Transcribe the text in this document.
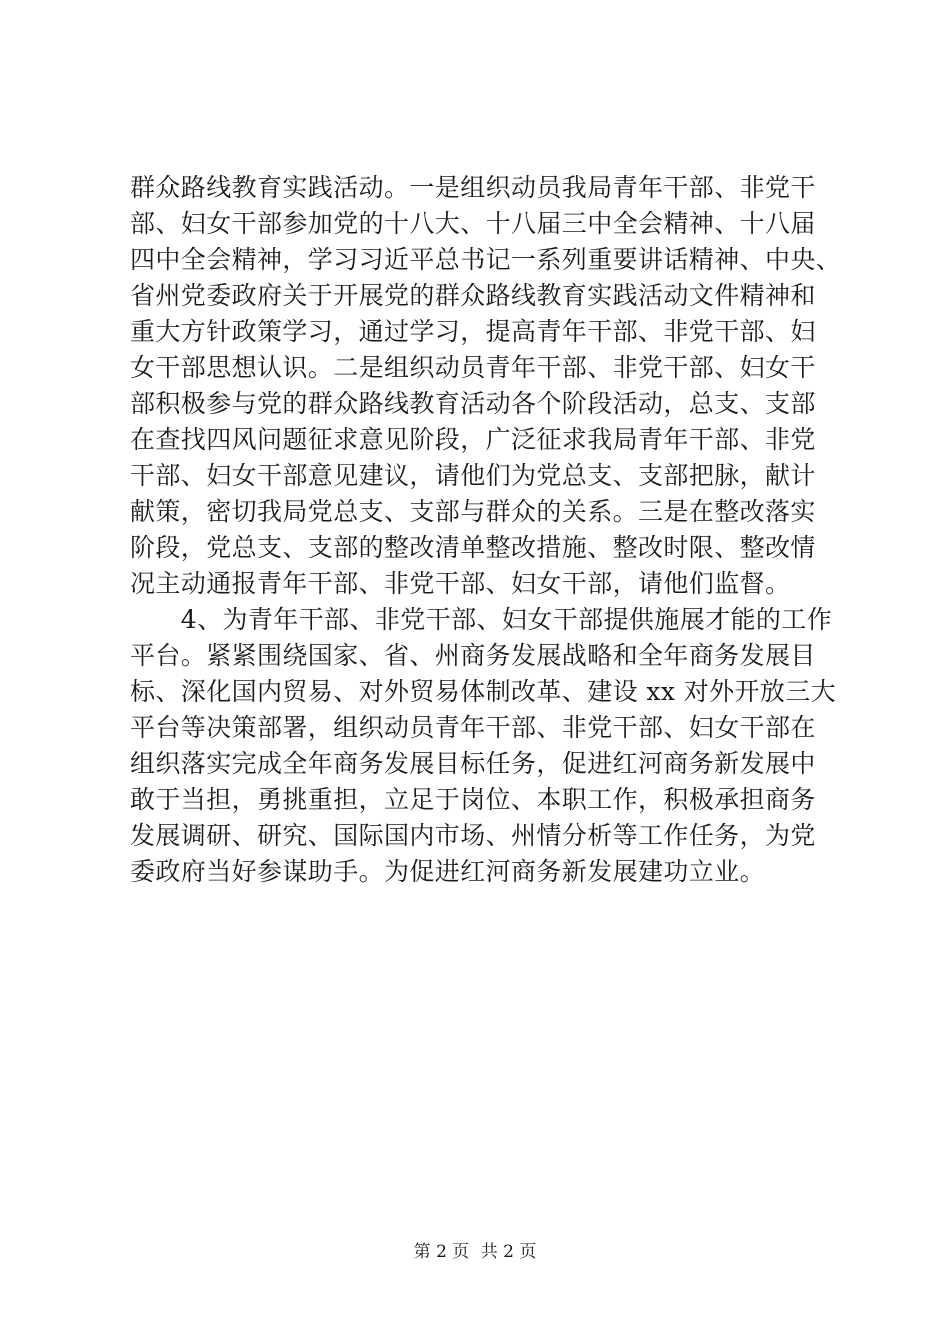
群众路线教育实践活动。一是组织动员我局青年干部、非党干
部、妇女干部参加党的十八大、十八届三中全会精神、十八届
四中全会精神，学习习近平总书记一系列重要讲话精神、中央、
省州党委政府关于开展党的群众路线教育实践活动文件精神和
重大方针政策学习，通过学习，提高青年干部、非党干部、妇
女干部思想认识。二是组织动员青年干部、非党干部、妇女干
部积极参与党的群众路线教育活动各个阶段活动，总支、支部
在查找四风问题征求意见阶段，广泛征求我局青年干部、非党
干部、妇女干部意见建议，请他们为党总支、支部把脉，献计
献策，密切我局党总支、支部与群众的关系。三是在整改落实
阶段，党总支、支部的整改清单整改措施、整改时限、整改情
况主动通报青年干部、非党干部、妇女干部，请他们监督。
　　4、为青年干部、非党干部、妇女干部提供施展才能的工作
平台。紧紧围绕国家、省、州商务发展战略和全年商务发展目
标、深化国内贸易、对外贸易体制改革、建设 xx 对外开放三大
平台等决策部署，组织动员青年干部、非党干部、妇女干部在
组织落实完成全年商务发展目标任务，促进红河商务新发展中
敢于当担，勇挑重担，立足于岗位、本职工作，积极承担商务
发展调研、研究、国际国内市场、州情分析等工作任务，为党
委政府当好参谋助手。为促进红河商务新发展建功立业。
第 2 页 共 2 页
